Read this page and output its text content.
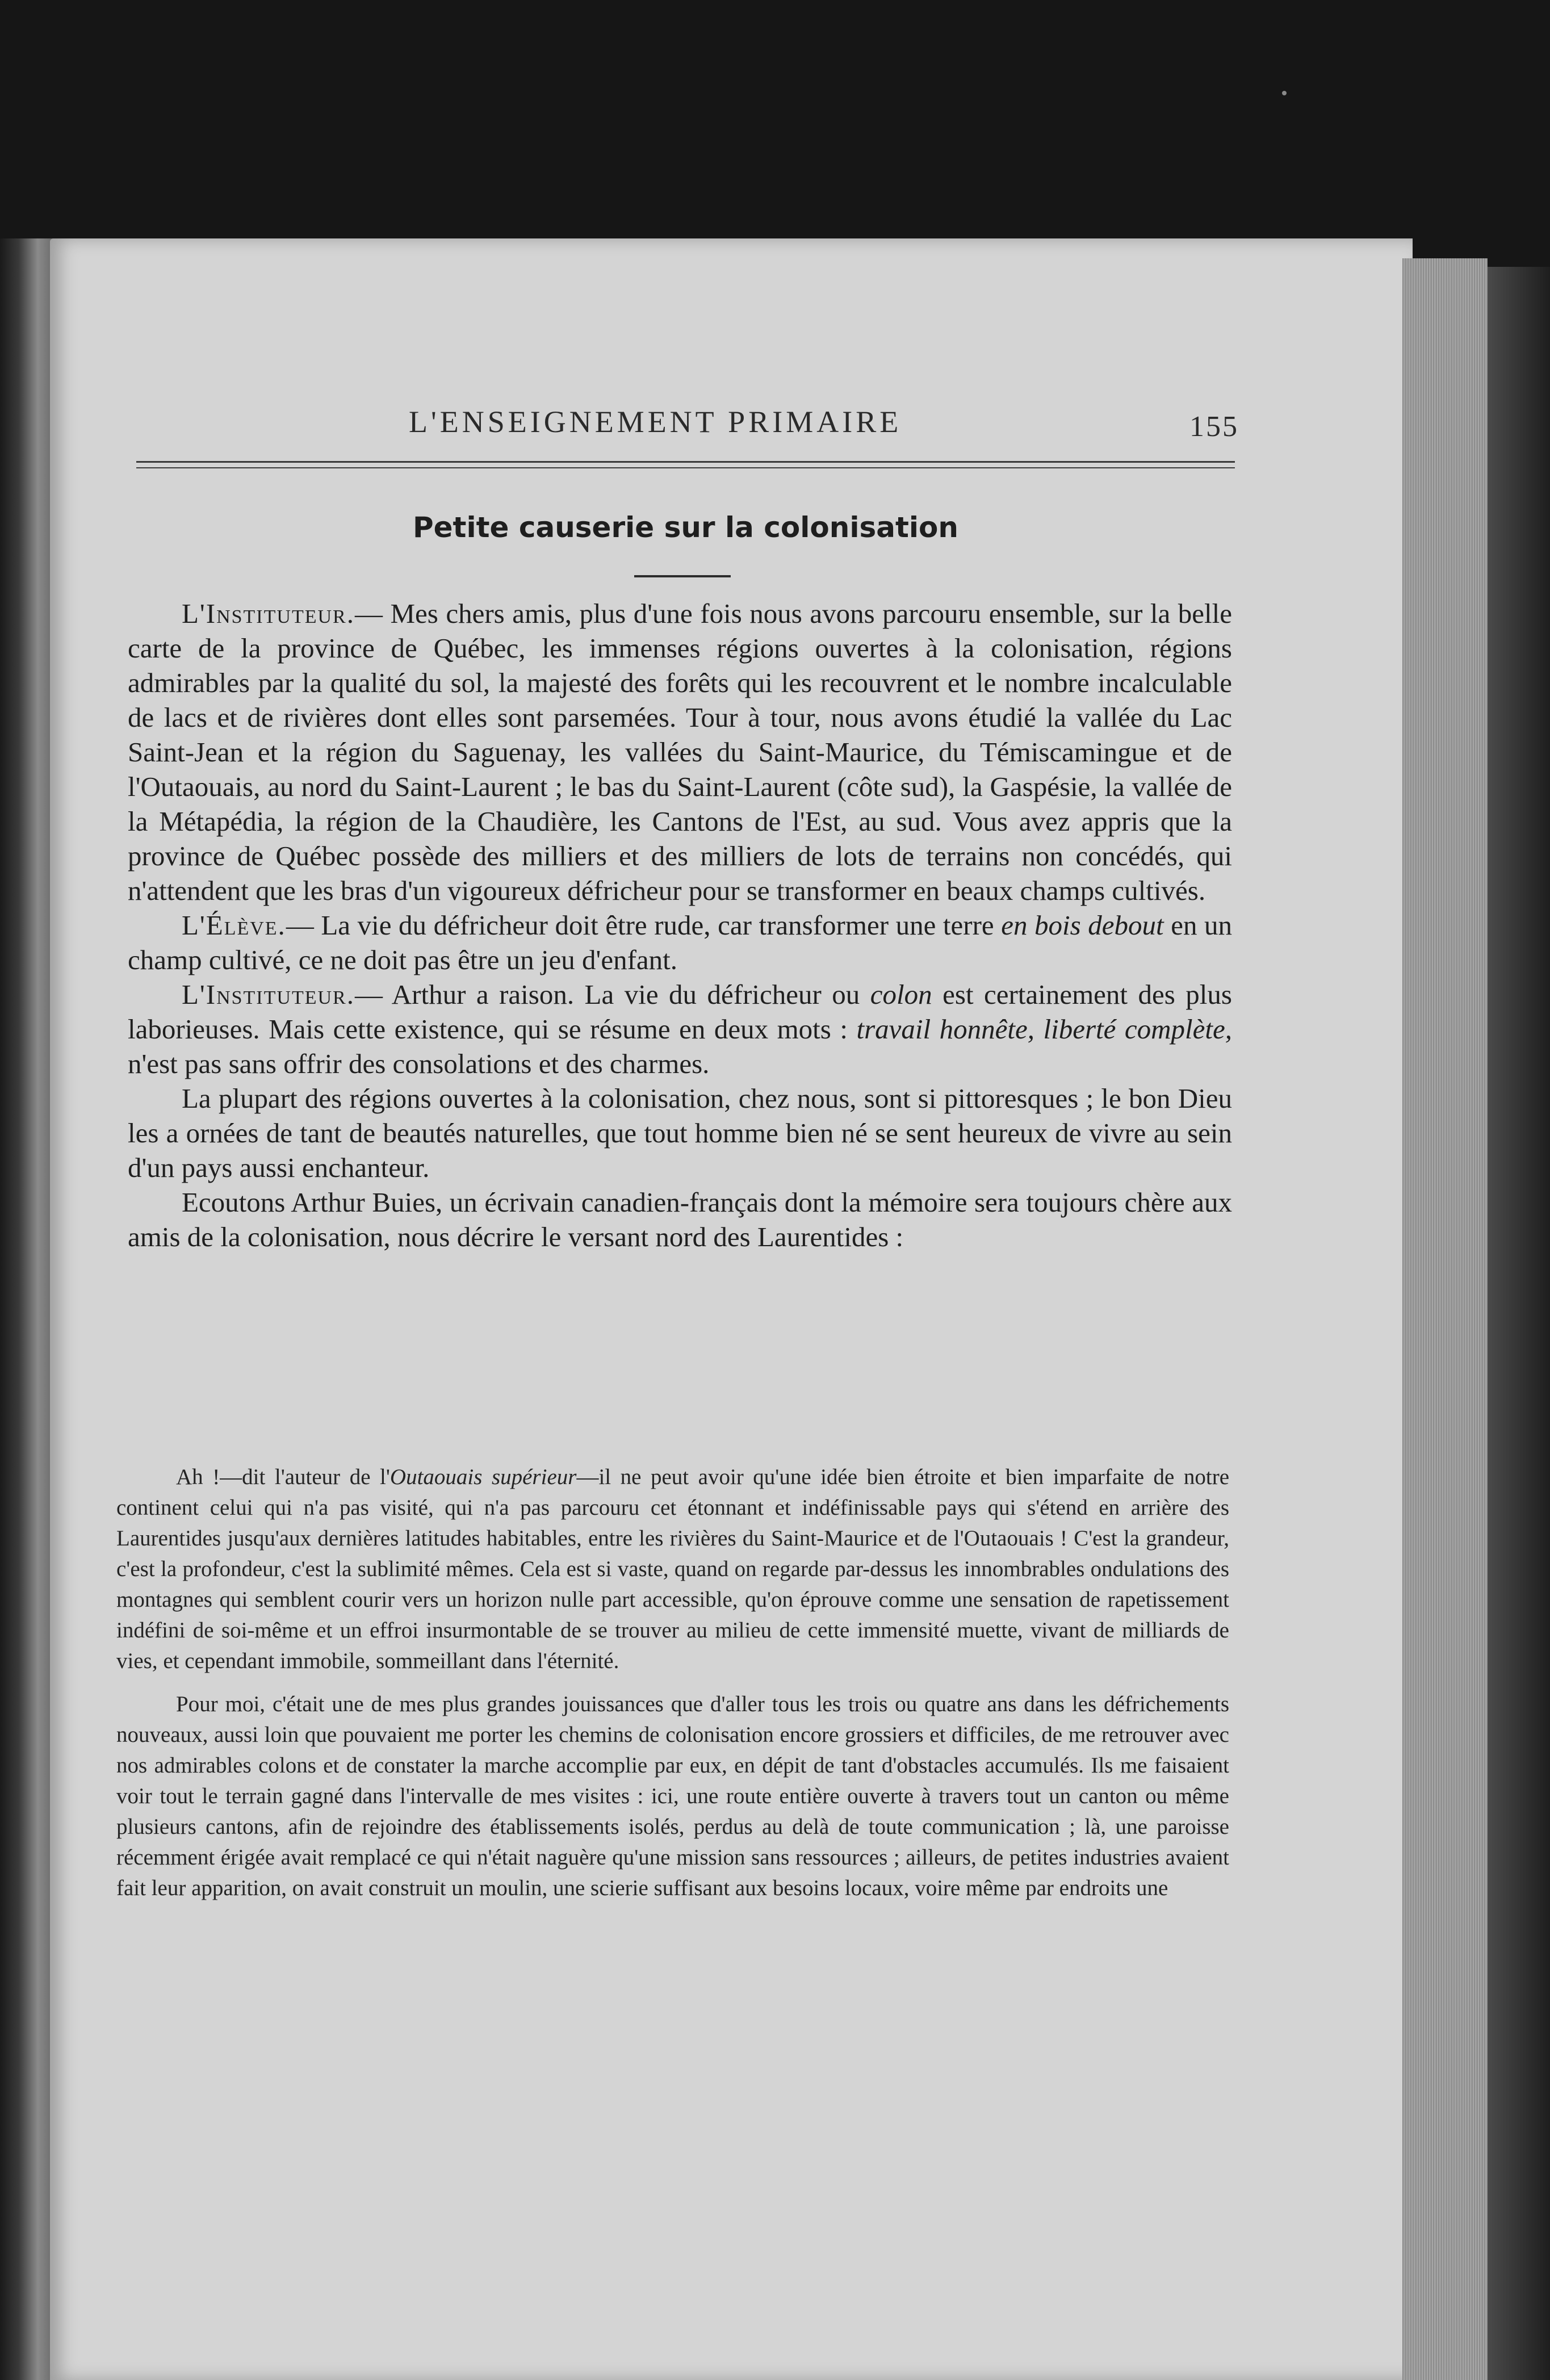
L'ENSEIGNEMENT PRIMAIRE	155
Petite causerie sur la colonisation

L'Instituteur.— Mes chers amis, plus d'une fois nous avons parcouru ensemble, sur la belle carte de la province de Québec, les immenses régions ouvertes à la colonisation, régions admirables par la qualité du sol, la majesté des forêts qui les recouvrent et le nombre incalculable de lacs et de rivières dont elles sont parsemées. Tour à tour, nous avons étudié la vallée du Lac Saint-Jean et la région du Saguenay, les vallées du Saint-Maurice, du Témiscamingue et de l'Outaouais, au nord du Saint-Laurent ; le bas du Saint-Laurent (côte sud), la Gaspésie, la vallée de la Métapédia, la région de la Chaudière, les Cantons de l'Est, au sud. Vous avez appris que la province de Québec possède des milliers et des milliers de lots de terrains non concédés, qui n'attendent que les bras d'un vigoureux défricheur pour se transformer en beaux champs cultivés.

L'Élève.— La vie du défricheur doit être rude, car transformer une terre en bois debout en un champ cultivé, ce ne doit pas être un jeu d'enfant.

L'Instituteur.— Arthur a raison. La vie du défricheur ou colon est certainement des plus laborieuses. Mais cette existence, qui se résume en deux mots : travail honnête, liberté complète, n'est pas sans offrir des consolations et des charmes.

La plupart des régions ouvertes à la colonisation, chez nous, sont si pittoresques ; le bon Dieu les a ornées de tant de beautés naturelles, que tout homme bien né se sent heureux de vivre au sein d'un pays aussi enchanteur.

Ecoutons Arthur Buies, un écrivain canadien-français dont la mémoire sera toujours chère aux amis de la colonisation, nous décrire le versant nord des Laurentides :

Ah !—dit l'auteur de l'Outaouais supérieur—il ne peut avoir qu'une idée bien étroite et bien imparfaite de notre continent celui qui n'a pas visité, qui n'a pas parcouru cet étonnant et indéfinissable pays qui s'étend en arrière des Laurentides jusqu'aux dernières latitudes habitables, entre les rivières du Saint-Maurice et de l'Outaouais ! C'est la grandeur, c'est la profondeur, c'est la sublimité mêmes. Cela est si vaste, quand on regarde par-dessus les innombrables ondulations des montagnes qui semblent courir vers un horizon nulle part accessible, qu'on éprouve comme une sensation de rapetissement indéfini de soi-même et un effroi insurmontable de se trouver au milieu de cette immensité muette, vivant de milliards de vies, et cependant immobile, sommeillant dans l'éternité.

Pour moi, c'était une de mes plus grandes jouissances que d'aller tous les trois ou quatre ans dans les défrichements nouveaux, aussi loin que pouvaient me porter les chemins de colonisation encore grossiers et difficiles, de me retrouver avec nos admirables colons et de constater la marche accomplie par eux, en dépit de tant d'obstacles accumulés. Ils me faisaient voir tout le terrain gagné dans l'intervalle de mes visites : ici, une route entière ouverte à travers tout un canton ou même plusieurs cantons, afin de rejoindre des établissements isolés, perdus au delà de toute communication ; là, une paroisse récemment érigée avait remplacé ce qui n'était naguère qu'une mission sans ressources ; ailleurs, de petites industries avaient fait leur apparition, on avait construit un moulin, une scierie suffisant aux besoins locaux, voire même par endroits une
